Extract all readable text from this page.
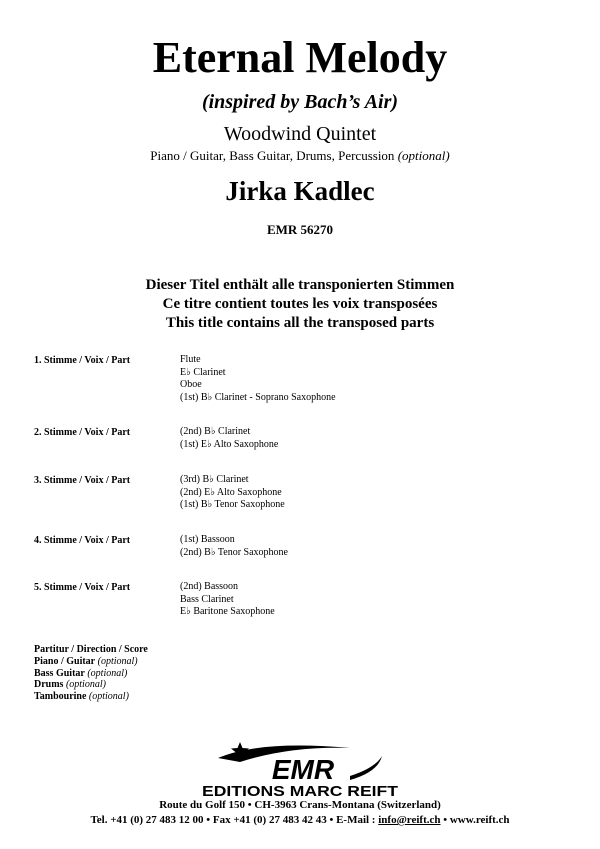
Eternal Melody
(inspired by Bach’s Air)
Woodwind Quintet
Piano / Guitar, Bass Guitar, Drums, Percussion (optional)
Jirka Kadlec
EMR 56270
Dieser Titel enthält alle transponierten Stimmen
Ce titre contient toutes les voix transposées
This title contains all the transposed parts
1. Stimme / Voix / Part	Flute
E♭ Clarinet
Oboe
(1st) B♭ Clarinet - Soprano Saxophone
2. Stimme / Voix / Part	(2nd) B♭ Clarinet
(1st) E♭ Alto Saxophone
3. Stimme / Voix / Part	(3rd) B♭ Clarinet
(2nd) E♭ Alto Saxophone
(1st) B♭ Tenor Saxophone
4. Stimme / Voix / Part	(1st) Bassoon
(2nd) B♭ Tenor Saxophone
5. Stimme / Voix / Part	(2nd) Bassoon
Bass Clarinet
E♭ Baritone Saxophone
Partitur / Direction / Score
Piano / Guitar (optional)
Bass Guitar (optional)
Drums (optional)
Tambourine (optional)
EMR
EDITIONS MARC REIFT
Route du Golf 150 • CH-3963 Crans-Montana (Switzerland)
Tel. +41 (0) 27 483 12 00 • Fax +41 (0) 27 483 42 43 • E-Mail : info@reift.ch • www.reift.ch
